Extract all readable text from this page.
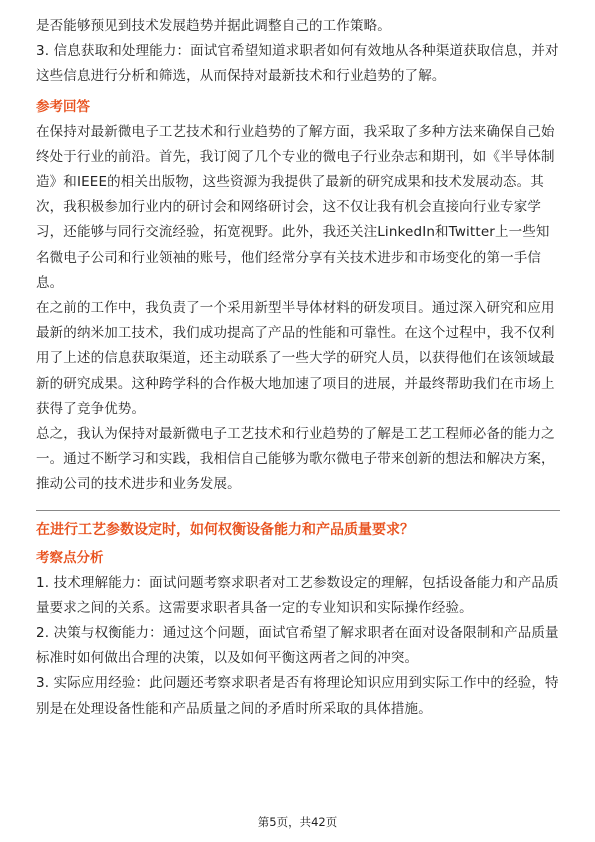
是否能够预见到技术发展趋势并据此调整自己的工作策略。

3. 信息获取和处理能力：面试官希望知道求职者如何有效地从各种渠道获取信息，并对这些信息进行分析和筛选，从而保持对最新技术和行业趋势的了解。

参考回答

在保持对最新微电子工艺技术和行业趋势的了解方面，我采取了多种方法来确保自己始终处于行业的前沿。首先，我订阅了几个专业的微电子行业杂志和期刊，如《半导体制造》和IEEE的相关出版物，这些资源为我提供了最新的研究成果和技术发展动态。其次，我积极参加行业内的研讨会和网络研讨会，这不仅让我有机会直接向行业专家学习，还能够与同行交流经验，拓宽视野。此外，我还关注LinkedIn和Twitter上一些知名微电子公司和行业领袖的账号，他们经常分享有关技术进步和市场变化的第一手信息。

在之前的工作中，我负责了一个采用新型半导体材料的研发项目。通过深入研究和应用最新的纳米加工技术，我们成功提高了产品的性能和可靠性。在这个过程中，我不仅利用了上述的信息获取渠道，还主动联系了一些大学的研究人员，以获得他们在该领域最新的研究成果。这种跨学科的合作极大地加速了项目的进展，并最终帮助我们在市场上获得了竞争优势。

总之，我认为保持对最新微电子工艺技术和行业趋势的了解是工艺工程师必备的能力之一。通过不断学习和实践，我相信自己能够为歌尔微电子带来创新的想法和解决方案，推动公司的技术进步和业务发展。

在进行工艺参数设定时，如何权衡设备能力和产品质量要求？
考察点分析

1. 技术理解能力：面试问题考察求职者对工艺参数设定的理解，包括设备能力和产品质量要求之间的关系。这需要求职者具备一定的专业知识和实际操作经验。

2. 决策与权衡能力：通过这个问题，面试官希望了解求职者在面对设备限制和产品质量标准时如何做出合理的决策，以及如何平衡这两者之间的冲突。

3. 实际应用经验：此问题还考察求职者是否有将理论知识应用到实际工作中的经验，特别是在处理设备性能和产品质量之间的矛盾时所采取的具体措施。

第5页，共42页
